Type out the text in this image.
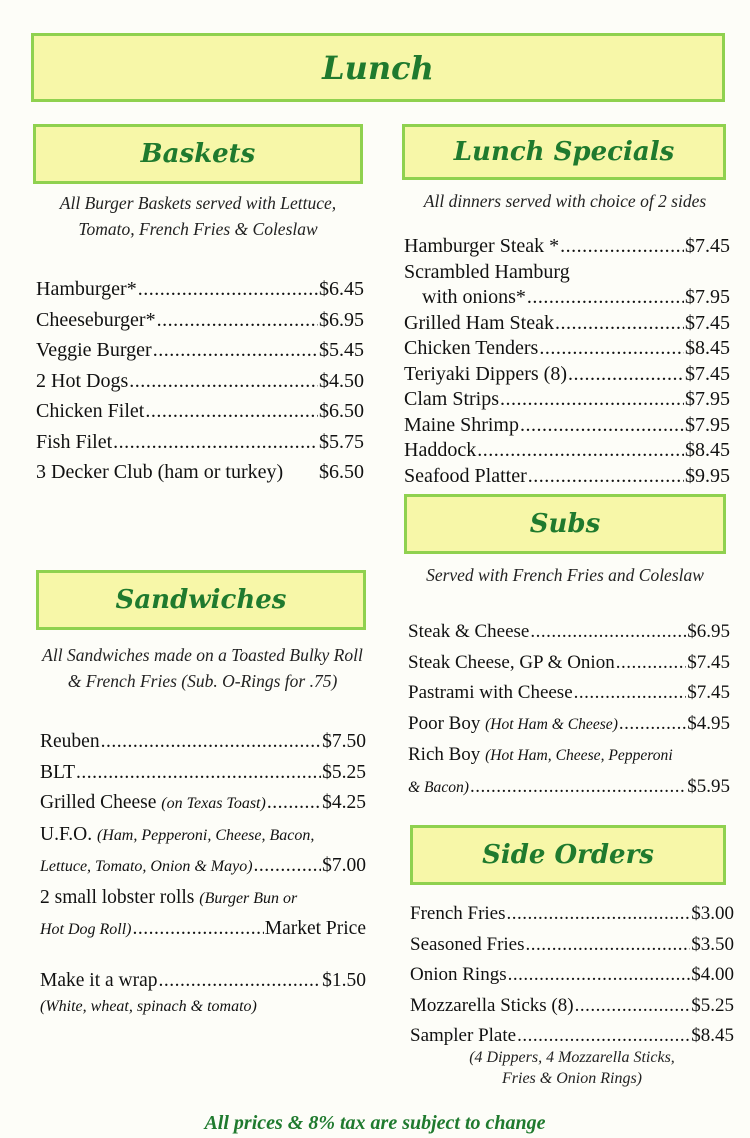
Lunch
Baskets
All Burger Baskets served with Lettuce,
Tomato, French Fries & Coleslaw
Hamburger* .....	$6.45
Cheeseburger* .....	$6.95
Veggie Burger .....	$5.45
2 Hot Dogs .....	$4.50
Chicken Filet .....	$6.50
Fish Filet .....	$5.75
3 Decker Club (ham or turkey) $6.50
Lunch Specials
All dinners served with choice of 2 sides
Hamburger Steak * .....	$7.45
Scrambled Hamburg
with onions* .....	$7.95
Grilled Ham Steak .....	$7.45
Chicken Tenders .....	$8.45
Teriyaki Dippers (8) .....	$7.45
Clam Strips .....	$7.95
Maine Shrimp .....	$7.95
Haddock .....	$8.45
Seafood Platter .....	$9.95
Subs
Served with French Fries and Coleslaw
Steak & Cheese .....	$6.95
Steak Cheese, GP & Onion .....	$7.45
Pastrami with Cheese .....	$7.45
Poor Boy
(Hot Ham & Cheese) .....	$4.95
Rich Boy
(Hot Ham, Cheese, Pepperoni
& Bacon) .....	$5.95
Sandwiches
All Sandwiches made on a Toasted Bulky Roll
& French Fries (Sub. O-Rings for .75)
Reuben .....	$7.50
BLT .....	$5.25
Grilled Cheese
(on Texas Toast) .....	$4.25
U.F.O.
(Ham, Pepperoni, Cheese, Bacon,
Lettuce, Tomato, Onion & Mayo) .....	$7.00
2 small lobster rolls
(Burger Bun or
Hot Dog Roll) .....	Market Price
Make it a wrap .....	$1.50
(White, wheat, spinach & tomato)
Side Orders
French Fries .....	$3.00
Seasoned Fries .....	$3.50
Onion Rings .....	$4.00
Mozzarella Sticks (8) .....	$5.25
Sampler Plate .....	$8.45
(4 Dippers, 4 Mozzarella Sticks,
Fries & Onion Rings)
All prices & 8% tax are subject to change
